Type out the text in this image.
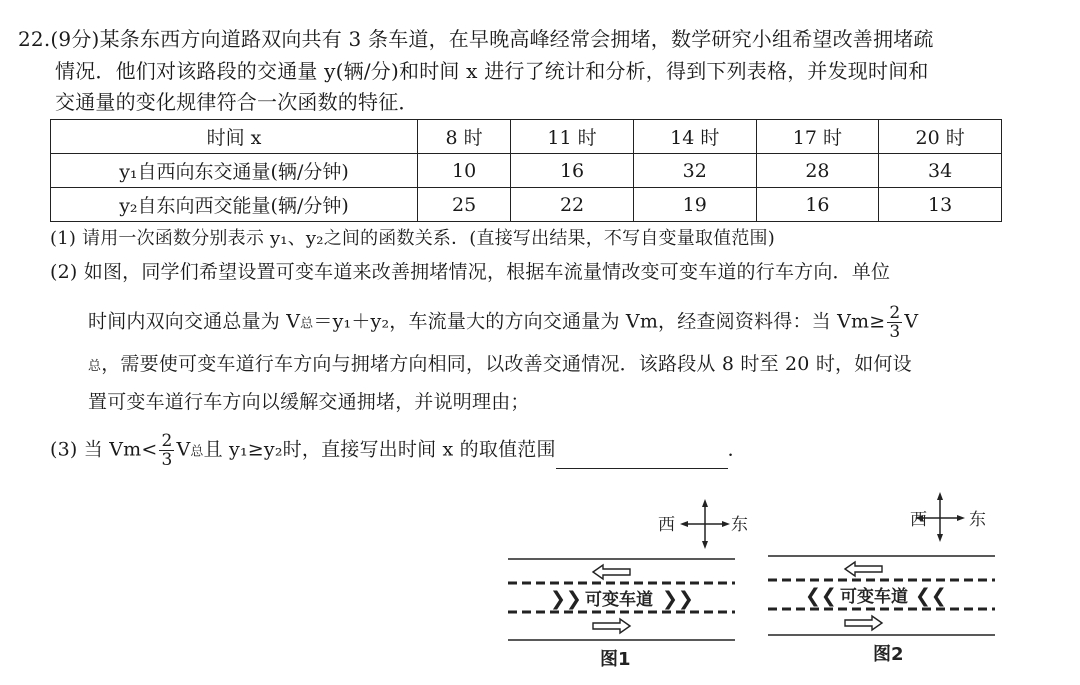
22.(9分)某条东西方向道路双向共有 3 条车道，在早晚高峰经常会拥堵，数学研究小组希望改善拥堵疏
情况．他们对该路段的交通量 y(辆/分)和时间 x 进行了统计和分析，得到下列表格，并发现时间和
交通量的变化规律符合一次函数的特征．
时间 x	8 时	11 时	14 时	17 时	20 时
y₁自西向东交通量(辆/分钟)	10	16	32	28	34
y₂自东向西交能量(辆/分钟)	25	22	19	16	13
(1) 请用一次函数分别表示 y₁、y₂之间的函数关系．(直接写出结果，不写自变量取值范围)
(2) 如图，同学们希望设置可变车道来改善拥堵情况，根据车流量情改变可变车道的行车方向．单位
时间内双向交通总量为 V总＝y₁＋y₂，车流量大的方向交通量为 Vm，经查阅资料得：当 $Vm\ge \frac{2}{3}$ V
总，需要使可变车道行车方向与拥堵方向相同，以改善交通情况．该路段从 8 时至 20 时，如何设
置可变车道行车方向以缓解交通拥堵，并说明理由；
(3) 当 $Vm< \frac{2}{3}$ V总且 y₁≥y₂时，直接写出时间 x 的取值范围	．
西	东
❯❯ 可变车道 ❯❯
图1
西 东
❮❮ 可变车道 ❮❮
图2
